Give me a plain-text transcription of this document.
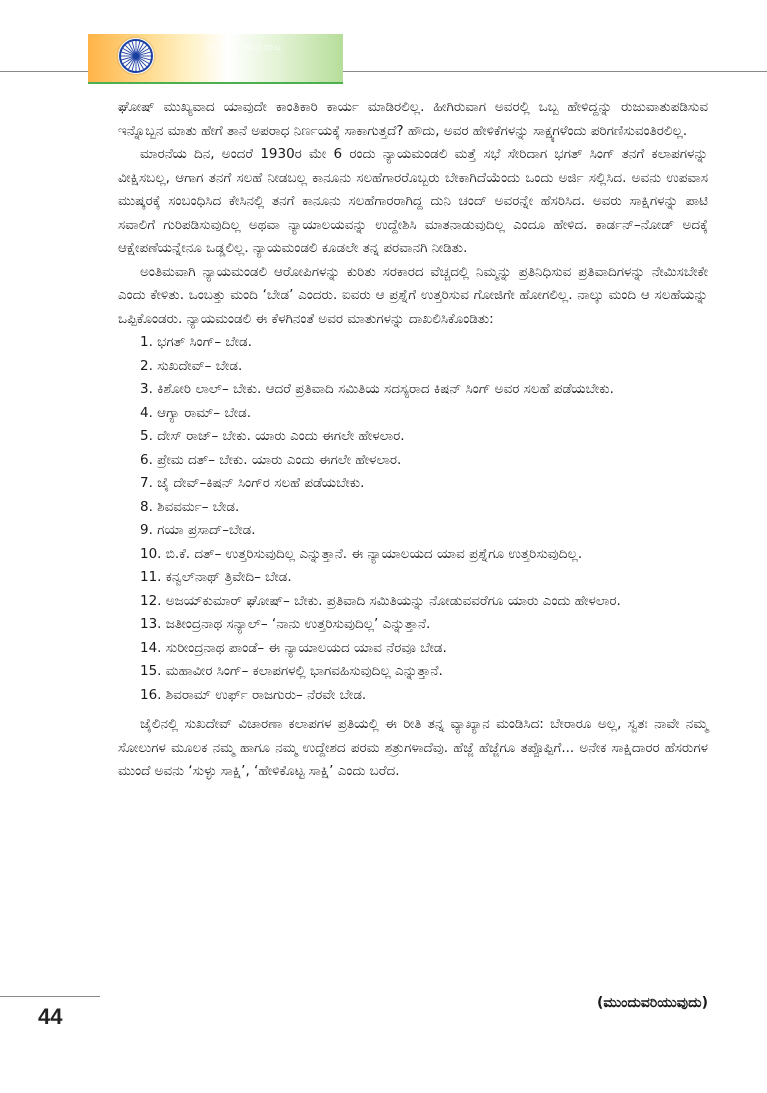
ಸ್ವಾತಂತ್ರ್ಯ ಹೋರಾಟ

ಘೋಷ್ ಮುಖ್ಯವಾದ ಯಾವುದೇ ಕಾಂತಿಕಾರಿ ಕಾರ್ಯ ಮಾಡಿರಲಿಲ್ಲ. ಹೀಗಿರುವಾಗ ಅವರಲ್ಲಿ ಒಬ್ಬ ಹೇಳಿದ್ದನ್ನು ರುಜುವಾತುಪಡಿಸುವ ಇನ್ನೊಬ್ಬನ ಮಾತು ಹೇಗೆ ತಾನೆ ಅಪರಾಧ ನಿರ್ಣಯಕ್ಕೆ ಸಾಕಾಗುತ್ತದೆ? ಹೌದು, ಅವರ ಹೇಳಿಕೆಗಳನ್ನು ಸಾಕ್ಷ್ಯಗಳೆಂದು ಪರಿಗಣಿಸುವಂತಿರಲಿಲ್ಲ.

ಮಾರನೆಯ ದಿನ, ಅಂದರೆ 1930ರ ಮೇ 6 ರಂದು ನ್ಯಾಯಮಂಡಲಿ ಮತ್ತೆ ಸಭೆ ಸೇರಿದಾಗ ಭಗತ್ ಸಿಂಗ್ ತನಗೆ ಕಲಾಪಗಳನ್ನು ವೀಕ್ಷಿಸಬಲ್ಲ, ಆಗಾಗ ತನಗೆ ಸಲಹೆ ನೀಡಬಲ್ಲ ಕಾನೂನು ಸಲಹೆಗಾರರೊಬ್ಬರು ಬೇಕಾಗಿದೆಯೆಂದು ಒಂದು ಅರ್ಜಿ ಸಲ್ಲಿಸಿದ. ಅವನು ಉಪವಾಸ ಮುಷ್ಕರಕ್ಕೆ ಸಂಬಂಧಿಸಿದ ಕೇಸಿನಲ್ಲಿ ತನಗೆ ಕಾನೂನು ಸಲಹೆಗಾರರಾಗಿದ್ದ ದುನಿ ಚಂದ್ ಅವರನ್ನೇ ಹೆಸರಿಸಿದ. ಅವರು ಸಾಕ್ಷಿಗಳನ್ನು ಪಾಟಿ ಸವಾಲಿಗೆ ಗುರಿಪಡಿಸುವುದಿಲ್ಲ ಅಥವಾ ನ್ಯಾಯಾಲಯವನ್ನು ಉದ್ದೇಶಿಸಿ ಮಾತನಾಡುವುದಿಲ್ಲ ಎಂದೂ ಹೇಳಿದ. ಕಾರ್ಡನ್–ನೋಡ್ ಅದಕ್ಕೆ ಆಕ್ಷೇಪಣೆಯನ್ನೇನೂ ಒಡ್ಡಲಿಲ್ಲ. ನ್ಯಾಯಮಂಡಲಿ ಕೂಡಲೇ ತನ್ನ ಪರವಾನಗಿ ನೀಡಿತು.

ಅಂತಿಮವಾಗಿ ನ್ಯಾಯಮಂಡಲಿ ಆರೋಪಿಗಳನ್ನು ಕುರಿತು ಸರಕಾರದ ವೆಚ್ಚದಲ್ಲಿ ನಿಮ್ಮನ್ನು ಪ್ರತಿನಿಧಿಸುವ ಪ್ರತಿವಾದಿಗಳನ್ನು ನೇಮಿಸಬೇಕೇ ಎಂದು ಕೇಳಿತು. ಒಂಬತ್ತು ಮಂದಿ ‘ಬೇಡ’ ಎಂದರು. ಐವರು ಆ ಪ್ರಶ್ನೆಗೆ ಉತ್ತರಿಸುವ ಗೋಜಿಗೇ ಹೋಗಲಿಲ್ಲ. ನಾಲ್ಕು ಮಂದಿ ಆ ಸಲಹೆಯನ್ನು ಒಪ್ಪಿಕೊಂಡರು. ನ್ಯಾಯಮಂಡಲಿ ಈ ಕೆಳಗಿನಂತೆ ಅವರ ಮಾತುಗಳನ್ನು ದಾಖಲಿಸಿಕೊಂಡಿತು:

1. ಭಗತ್ ಸಿಂಗ್– ಬೇಡ.

2. ಸುಖದೇವ್– ಬೇಡ.

3. ಕಿಶೋರಿ ಲಾಲ್– ಬೇಕು. ಆದರೆ ಪ್ರತಿವಾದಿ ಸಮಿತಿಯ ಸದಸ್ಯರಾದ ಕಿಷನ್ ಸಿಂಗ್ ಅವರ ಸಲಹೆ ಪಡೆಯಬೇಕು.

4. ಆಗ್ಯಾ ರಾಮ್– ಬೇಡ.

5. ದೇಸ್ ರಾಜ್– ಬೇಕು. ಯಾರು ಎಂದು ಈಗಲೇ ಹೇಳಲಾರ.

6. ಪ್ರೇಮ ದತ್– ಬೇಕು. ಯಾರು ಎಂದು ಈಗಲೇ ಹೇಳಲಾರ.

7. ಜೈ ದೇವ್–ಕಿಷನ್ ಸಿಂಗ್‌ರ ಸಲಹೆ ಪಡೆಯಬೇಕು.

8. ಶಿವವರ್ಮ– ಬೇಡ.

9. ಗಯಾ ಪ್ರಸಾದ್–ಬೇಡ.

10. ಬಿ.ಕೆ. ದತ್– ಉತ್ತರಿಸುವುದಿಲ್ಲ ಎನ್ನುತ್ತಾನೆ. ಈ ನ್ಯಾಯಾಲಯದ ಯಾವ ಪ್ರಶ್ನೆಗೂ ಉತ್ತರಿಸುವುದಿಲ್ಲ.

11. ಕನ್ವಲ್‌ನಾಥ್ ತ್ರಿವೇದಿ– ಬೇಡ.

12. ಅಜಯ್‌ಕುಮಾರ್ ಘೋಷ್– ಬೇಕು. ಪ್ರತಿವಾದಿ ಸಮಿತಿಯನ್ನು ನೋಡುವವರೆಗೂ ಯಾರು ಎಂದು ಹೇಳಲಾರ.

13. ಜತೀಂದ್ರನಾಥ ಸನ್ಯಾಲ್– ‘ನಾನು ಉತ್ತರಿಸುವುದಿಲ್ಲ’ ಎನ್ನುತ್ತಾನೆ.

14. ಸುರೀಂದ್ರನಾಥ ಪಾಂಡೆ– ಈ ನ್ಯಾಯಾಲಯದ ಯಾವ ನೆರವೂ ಬೇಡ.

15. ಮಹಾವೀರ ಸಿಂಗ್– ಕಲಾಪಗಳಲ್ಲಿ ಭಾಗವಹಿಸುವುದಿಲ್ಲ ಎನ್ನುತ್ತಾನೆ.

16. ಶಿವರಾಮ್ ಉರ್ಫ್ ರಾಜಗುರು– ನೆರವೇ ಬೇಡ.

ಜೈಲಿನಲ್ಲಿ ಸುಖದೇವ್ ವಿಚಾರಣಾ ಕಲಾಪಗಳ ಪ್ರತಿಯಲ್ಲಿ ಈ ರೀತಿ ತನ್ನ ವ್ಯಾಖ್ಯಾನ ಮಂಡಿಸಿದ: ಬೇರಾರೂ ಅಲ್ಲ, ಸ್ವತಃ ನಾವೇ ನಮ್ಮ ಸೋಲುಗಳ ಮೂಲಕ ನಮ್ಮ ಹಾಗೂ ನಮ್ಮ ಉದ್ದೇಶದ ಪರಮ ಶತ್ರುಗಳಾದೆವು. ಹೆಜ್ಜೆ ಹೆಜ್ಜೆಗೂ ತಪ್ಪೊಪ್ಪಿಗೆ... ಅನೇಕ ಸಾಕ್ಷಿದಾರರ ಹೆಸರುಗಳ ಮುಂದೆ ಅವನು ‘ಸುಳ್ಳು ಸಾಕ್ಷಿ’, ‘ಹೇಳಿಕೊಟ್ಟ ಸಾಕ್ಷಿ’ ಎಂದು ಬರೆದ.

(ಮುಂದುವರಿಯುವುದು)
44
